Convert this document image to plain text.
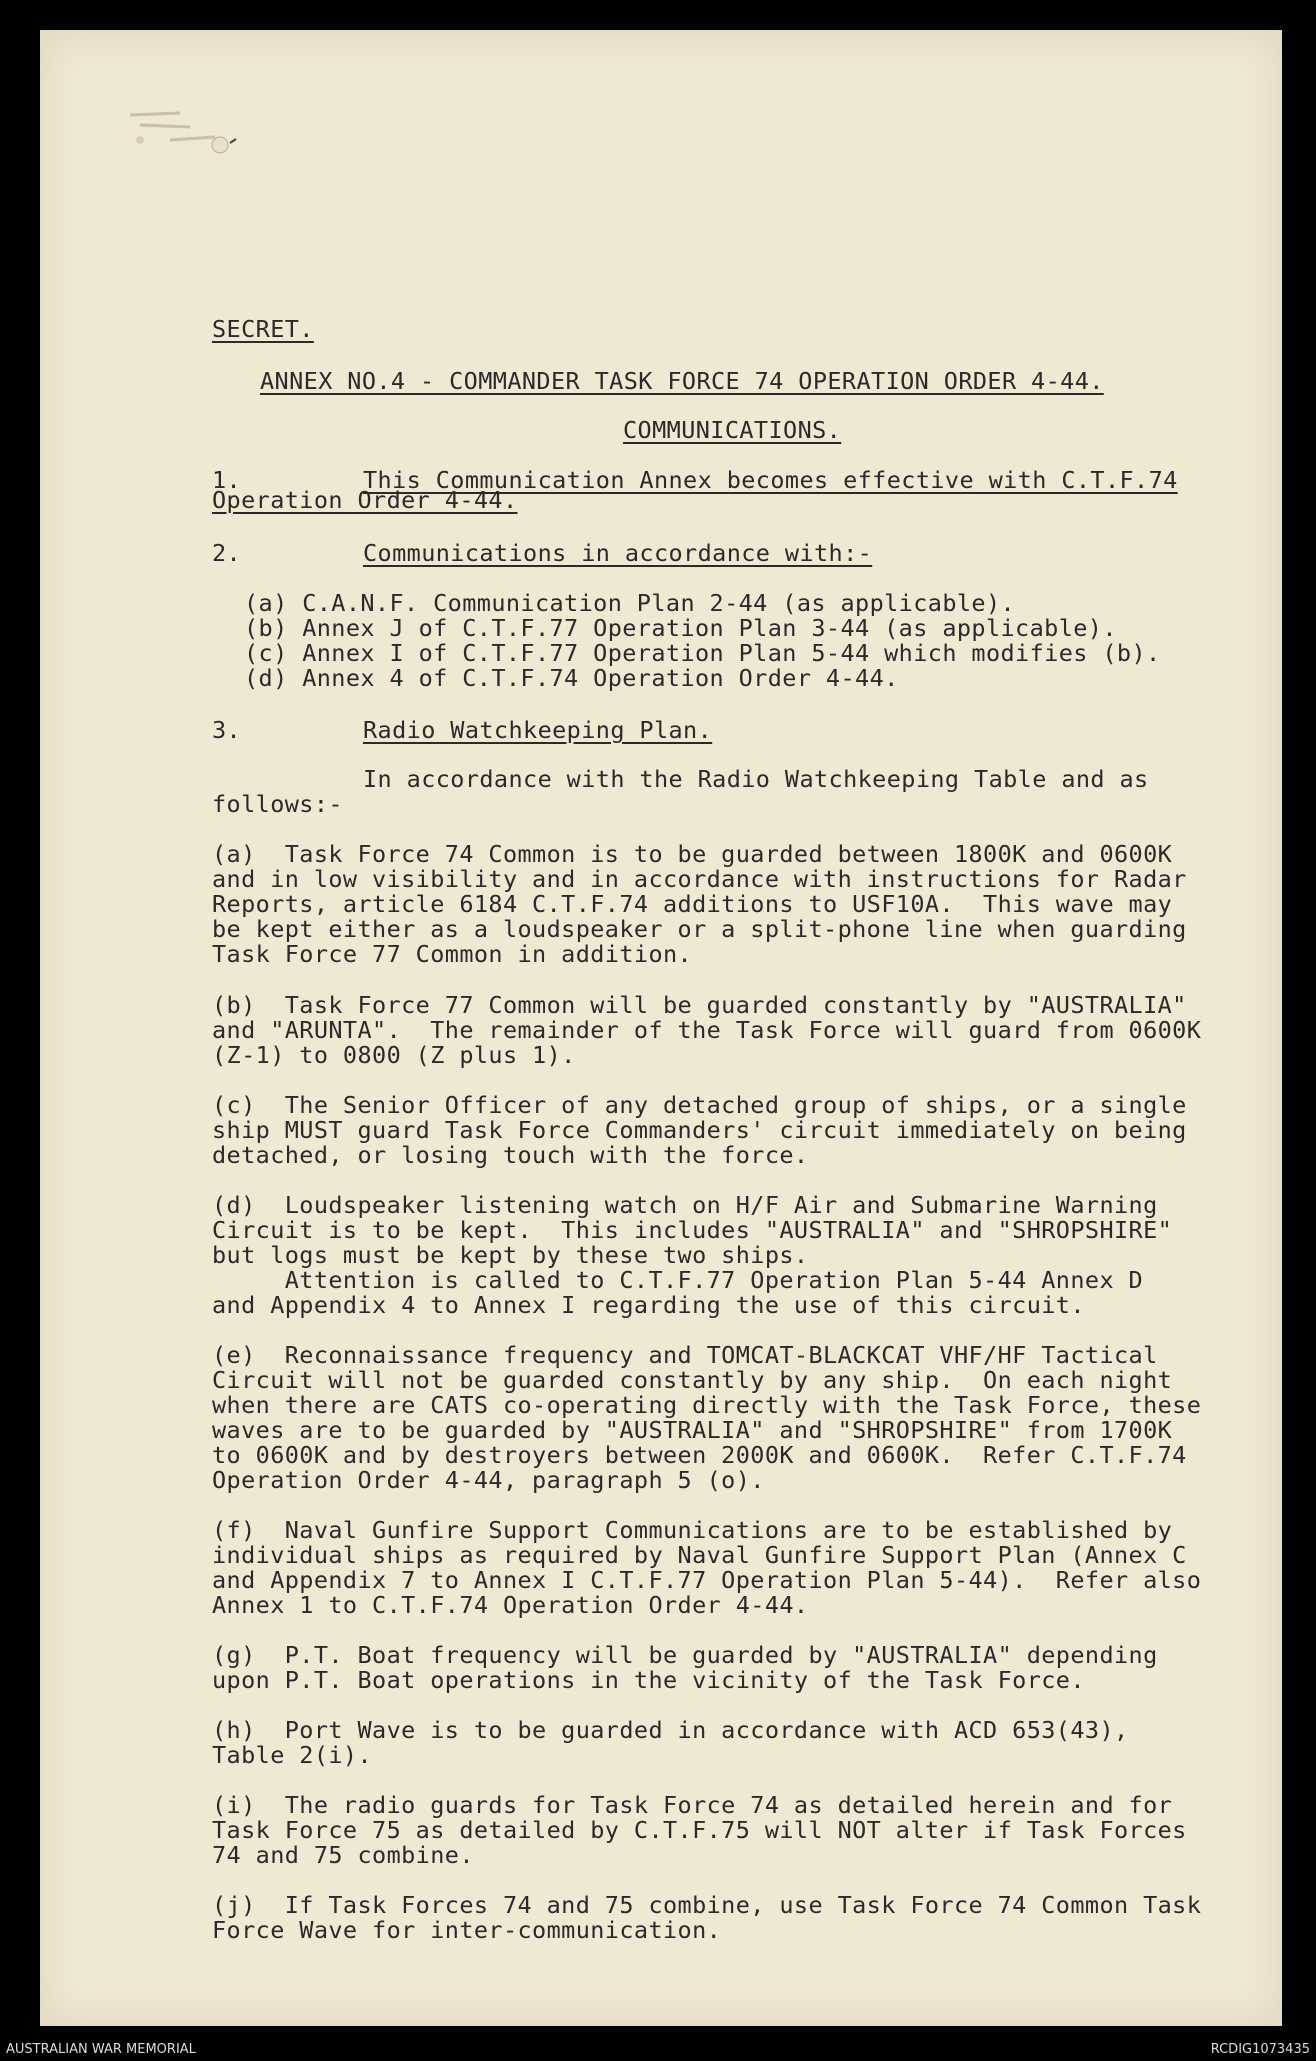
SECRET.
ANNEX NO.4 - COMMANDER TASK FORCE 74 OPERATION ORDER 4-44.
COMMUNICATIONS.
1.	This Communication Annex becomes effective with C.T.F.74
Operation Order 4-44.
2.	Communications in accordance with:-
(a) C.A.N.F. Communication Plan 2-44 (as applicable).
(b) Annex J of C.T.F.77 Operation Plan 3-44 (as applicable).
(c) Annex I of C.T.F.77 Operation Plan 5-44 which modifies (b).
(d) Annex 4 of C.T.F.74 Operation Order 4-44.
3.	Radio Watchkeeping Plan.
In accordance with the Radio Watchkeeping Table and as
follows:-
(a)  Task Force 74 Common is to be guarded between 1800K and 0600K
and in low visibility and in accordance with instructions for Radar
Reports, article 6184 C.T.F.74 additions to USF10A.  This wave may
be kept either as a loudspeaker or a split-phone line when guarding
Task Force 77 Common in addition.
(b)  Task Force 77 Common will be guarded constantly by "AUSTRALIA"
and "ARUNTA".  The remainder of the Task Force will guard from 0600K
(Z-1) to 0800 (Z plus 1).
(c)  The Senior Officer of any detached group of ships, or a single
ship MUST guard Task Force Commanders' circuit immediately on being
detached, or losing touch with the force.
(d)  Loudspeaker listening watch on H/F Air and Submarine Warning
Circuit is to be kept.  This includes "AUSTRALIA" and "SHROPSHIRE"
but logs must be kept by these two ships.
Attention is called to C.T.F.77 Operation Plan 5-44 Annex D
and Appendix 4 to Annex I regarding the use of this circuit.
(e)  Reconnaissance frequency and TOMCAT-BLACKCAT VHF/HF Tactical
Circuit will not be guarded constantly by any ship.  On each night
when there are CATS co-operating directly with the Task Force, these
waves are to be guarded by "AUSTRALIA" and "SHROPSHIRE" from 1700K
to 0600K and by destroyers between 2000K and 0600K.  Refer C.T.F.74
Operation Order 4-44, paragraph 5 (o).
(f)  Naval Gunfire Support Communications are to be established by
individual ships as required by Naval Gunfire Support Plan (Annex C
and Appendix 7 to Annex I C.T.F.77 Operation Plan 5-44).  Refer also
Annex 1 to C.T.F.74 Operation Order 4-44.
(g)  P.T. Boat frequency will be guarded by "AUSTRALIA" depending
upon P.T. Boat operations in the vicinity of the Task Force.
(h)  Port Wave is to be guarded in accordance with ACD 653(43),
Table 2(i).
(i)  The radio guards for Task Force 74 as detailed herein and for
Task Force 75 as detailed by C.T.F.75 will NOT alter if Task Forces
74 and 75 combine.
(j)  If Task Forces 74 and 75 combine, use Task Force 74 Common Task
Force Wave for inter-communication.
AUSTRALIAN WAR MEMORIAL	RCDIG1073435
